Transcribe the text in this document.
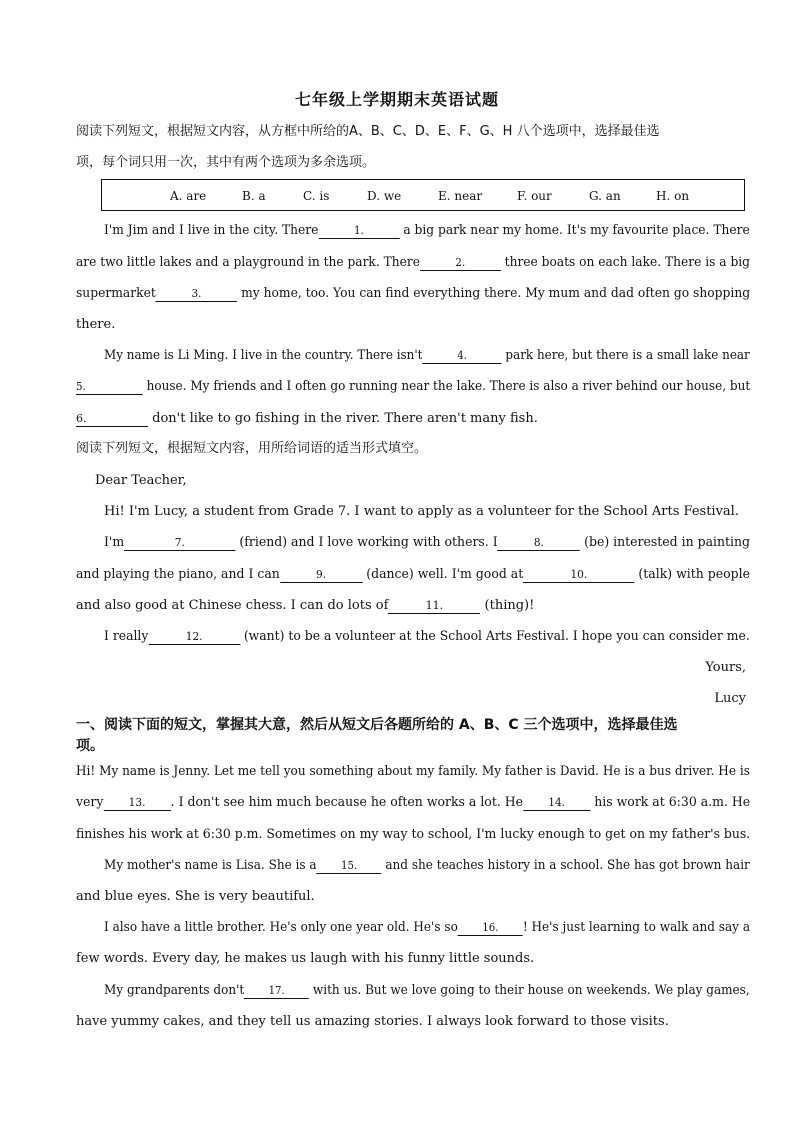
七年级上学期期末英语试题
阅读下列短文，根据短文内容，从方框中所给的A、B、C、D、E、F、G、H 八个选项中，选择最佳选
项，每个词只用一次，其中有两个选项为多余选项。
A. are	B. a	C. is	D. we	E. near	F. our	G. an	H. on
I'm Jim and I live in the city. There	1.	a big park near my home. It's my favourite place. There
are two little lakes and a playground in the park. There	2.	three boats on each lake. There is a big
supermarket	3.	my home, too. You can find everything there. My mum and dad often go shopping
there.
My name is Li Ming. I live in the country. There isn't	4.	park here, but there is a small lake near
5.	house. My friends and I often go running near the lake. There is also a river behind our house, but
6.	don't like to go fishing in the river. There aren't many fish.
阅读下列短文，根据短文内容，用所给词语的适当形式填空。
Dear Teacher,
Hi! I'm Lucy, a student from Grade 7. I want to apply as a volunteer for the School Arts Festival.
I'm	7.	(friend) and I love working with others. I	8.	(be) interested in painting
and playing the piano, and I can	9.	(dance) well. I'm good at	10.	(talk) with people
and also good at Chinese chess. I can do lots of	11.	(thing)!
I really	12.	(want) to be a volunteer at the School Arts Festival. I hope you can consider me.
Yours,
Lucy
一、阅读下面的短文，掌握其大意，然后从短文后各题所给的 A、B、C 三个选项中，选择最佳选
项。
Hi! My name is Jenny. Let me tell you something about my family. My father is David. He is a bus driver. He is
very 13. . I don't see him much because he often works a lot. He 14. his work at 6:30 a.m. He
finishes his work at 6:30 p.m. Sometimes on my way to school, I'm lucky enough to get on my father's bus.
My mother's name is Lisa. She is a 15. and she teaches history in a school. She has got brown hair
and blue eyes. She is very beautiful.
I also have a little brother. He's only one year old. He's so 16. ! He's just learning to walk and say a
few words. Every day, he makes us laugh with his funny little sounds.
My grandparents don't 17. with us. But we love going to their house on weekends. We play games,
have yummy cakes, and they tell us amazing stories. I always look forward to those visits.
